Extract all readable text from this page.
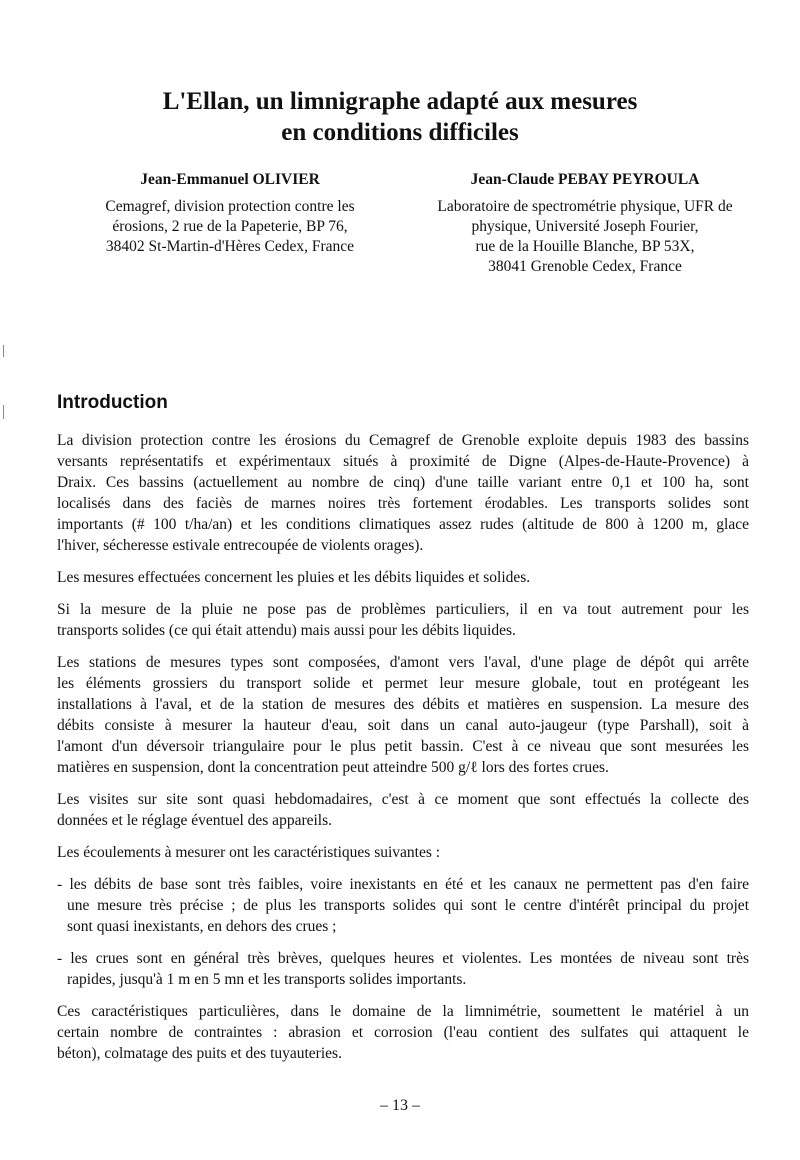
L'Ellan, un limnigraphe adapté aux mesures
en conditions difficiles
Jean-Emmanuel OLIVIER
Cemagref, division protection contre les
érosions, 2 rue de la Papeterie, BP 76,
38402 St-Martin-d'Hères Cedex, France
Jean-Claude PEBAY PEYROULA
Laboratoire de spectrométrie physique, UFR de
physique, Université Joseph Fourier,
rue de la Houille Blanche, BP 53X,
38041 Grenoble Cedex, France
Introduction
La division protection contre les érosions du Cemagref de Grenoble exploite depuis 1983 des bassins
versants représentatifs et expérimentaux situés à proximité de Digne (Alpes-de-Haute-Provence) à
Draix. Ces bassins (actuellement au nombre de cinq) d'une taille variant entre 0,1 et 100 ha, sont
localisés dans des faciès de marnes noires très fortement érodables. Les transports solides sont
importants (# 100 t/ha/an) et les conditions climatiques assez rudes (altitude de 800 à 1200 m, glace
l'hiver, sécheresse estivale entrecoupée de violents orages).
Les mesures effectuées concernent les pluies et les débits liquides et solides.
Si la mesure de la pluie ne pose pas de problèmes particuliers, il en va tout autrement pour les
transports solides (ce qui était attendu) mais aussi pour les débits liquides.
Les stations de mesures types sont composées, d'amont vers l'aval, d'une plage de dépôt qui arrête
les éléments grossiers du transport solide et permet leur mesure globale, tout en protégeant les
installations à l'aval, et de la station de mesures des débits et matières en suspension. La mesure des
débits consiste à mesurer la hauteur d'eau, soit dans un canal auto-jaugeur (type Parshall), soit à
l'amont d'un déversoir triangulaire pour le plus petit bassin. C'est à ce niveau que sont mesurées les
matières en suspension, dont la concentration peut atteindre 500 g/ℓ lors des fortes crues.
Les visites sur site sont quasi hebdomadaires, c'est à ce moment que sont effectués la collecte des
données et le réglage éventuel des appareils.
Les écoulements à mesurer ont les caractéristiques suivantes :
- les débits de base sont très faibles, voire inexistants en été et les canaux ne permettent pas d'en faire
une mesure très précise ; de plus les transports solides qui sont le centre d'intérêt principal du projet
sont quasi inexistants, en dehors des crues ;
- les crues sont en général très brèves, quelques heures et violentes. Les montées de niveau sont très
rapides, jusqu'à 1 m en 5 mn et les transports solides importants.
Ces caractéristiques particulières, dans le domaine de la limnimétrie, soumettent le matériel à un
certain nombre de contraintes : abrasion et corrosion (l'eau contient des sulfates qui attaquent le
béton), colmatage des puits et des tuyauteries.
– 13 –
